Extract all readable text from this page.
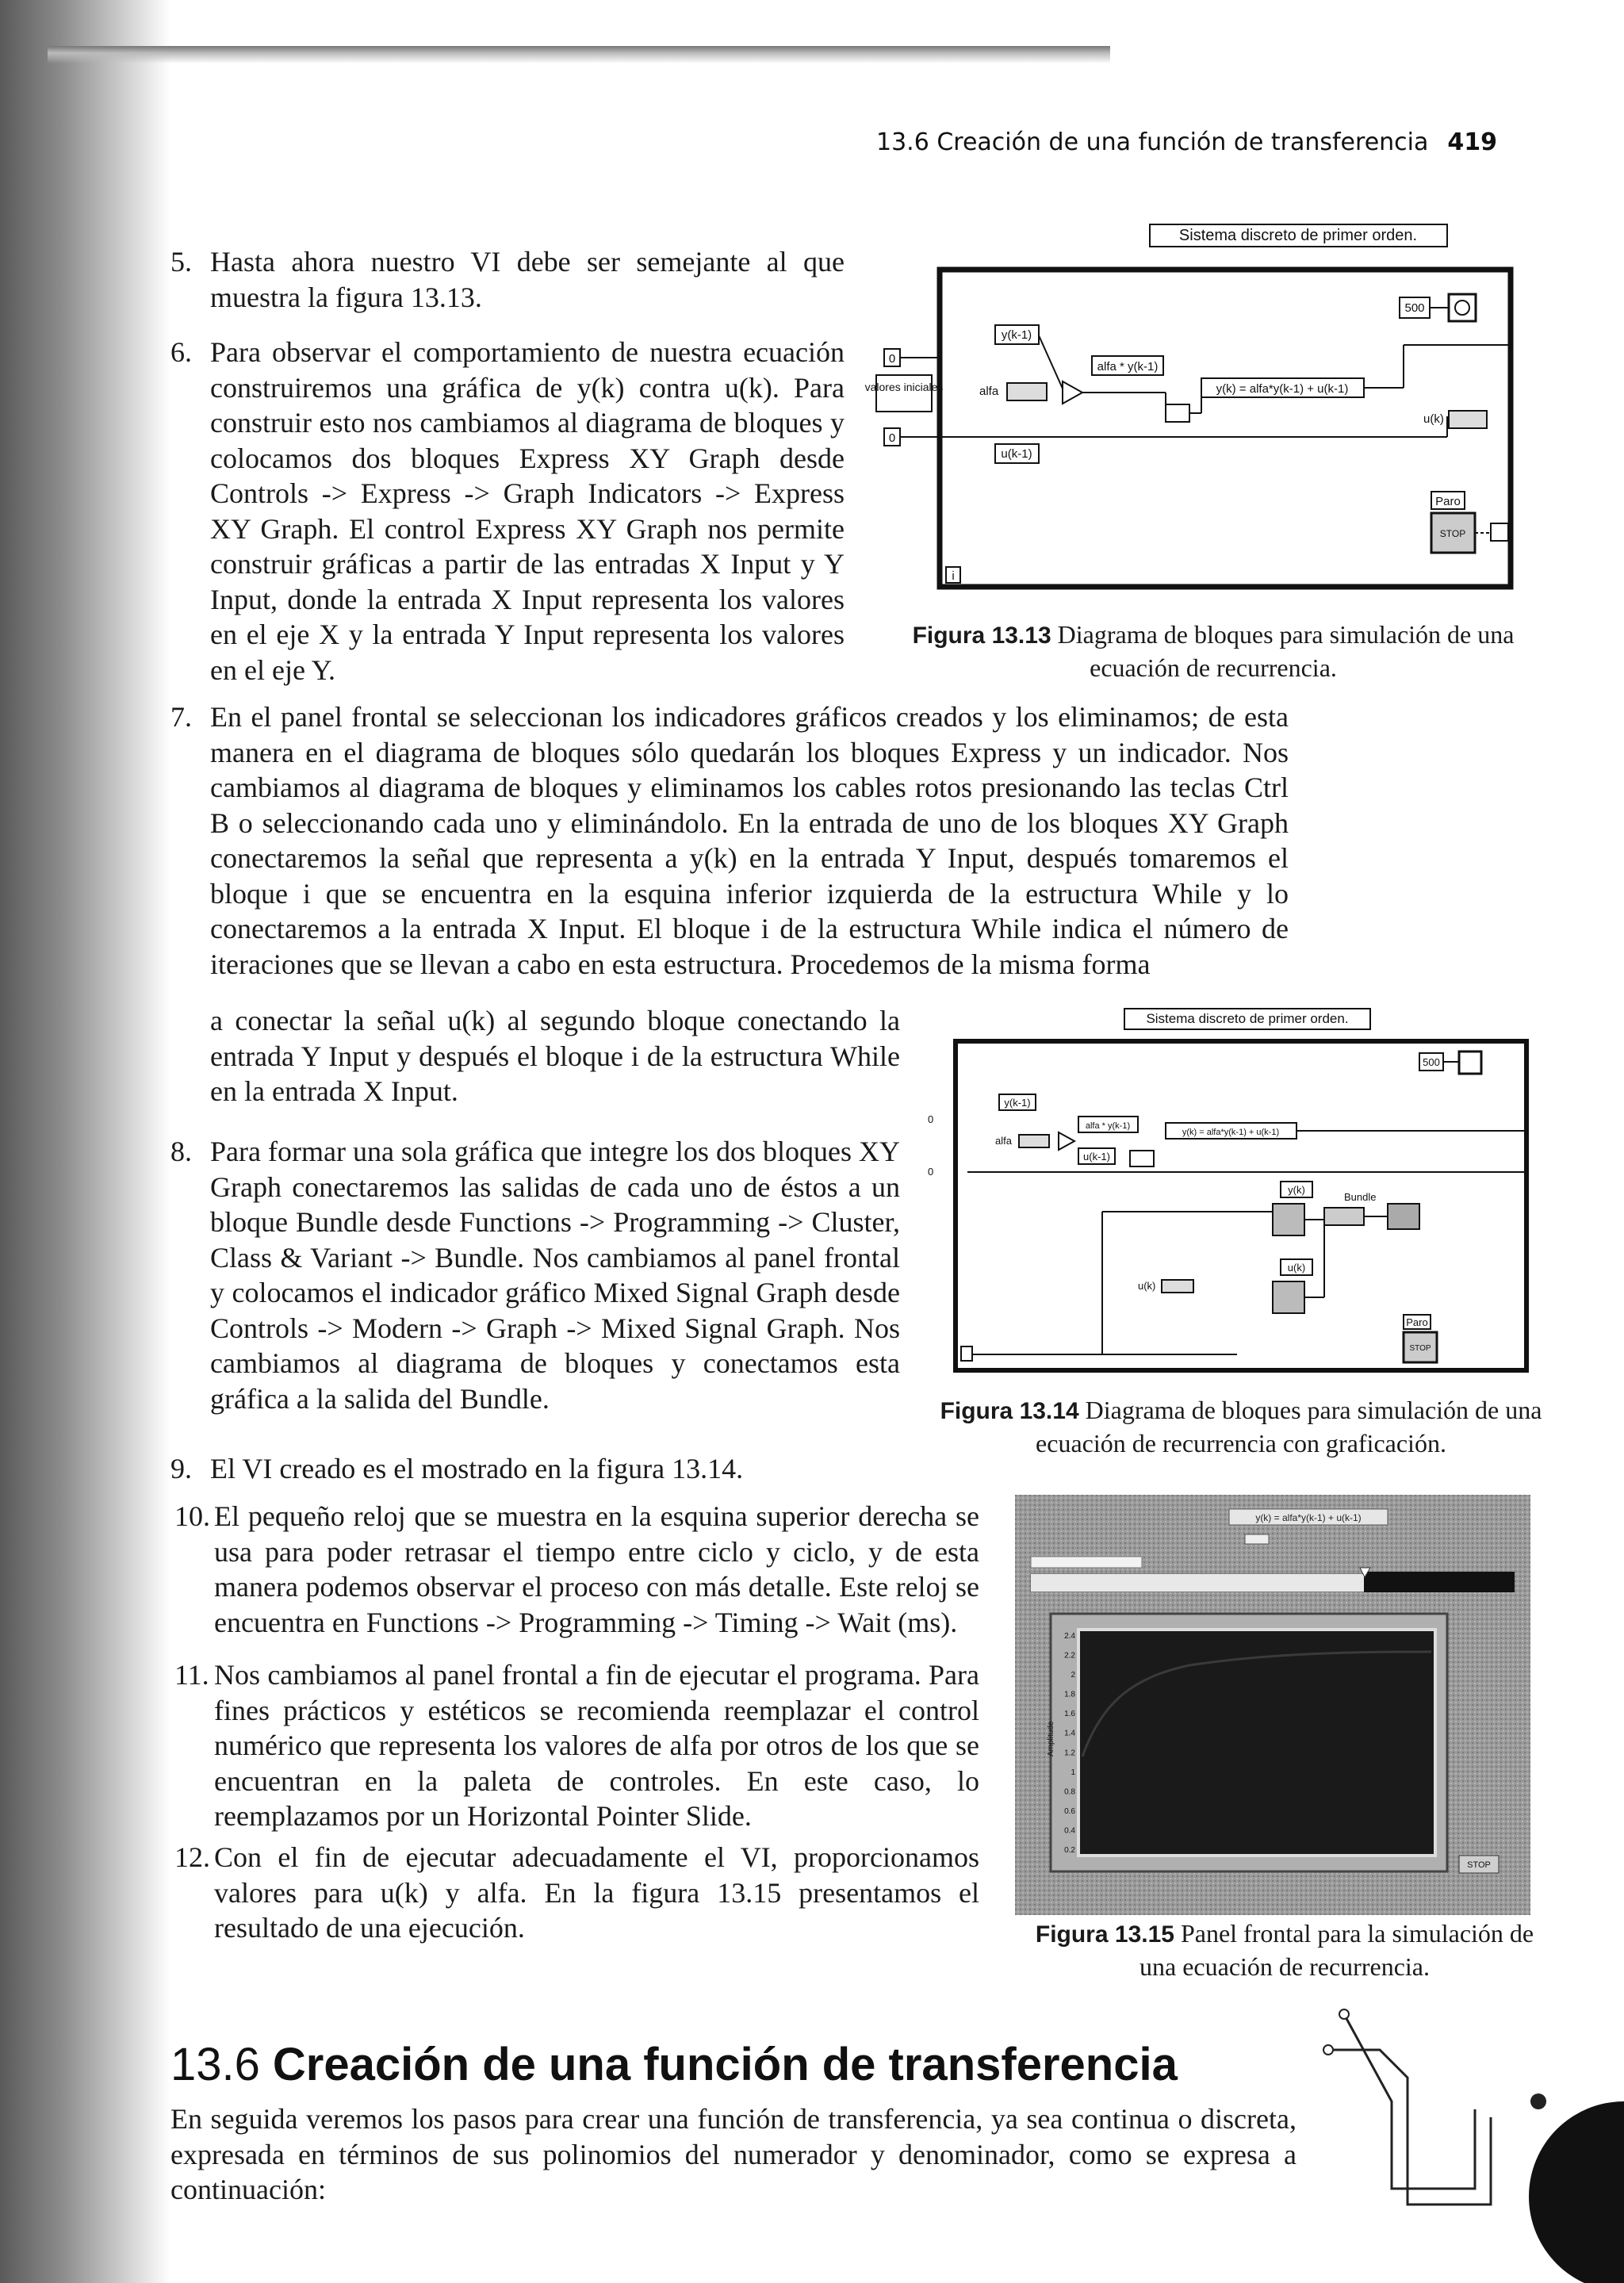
13.6 Creación de una función de transferencia 419
5. Hasta ahora nuestro VI debe ser semejante al que muestra la figura 13.13.
6. Para observar el comportamiento de nuestra ecuación construiremos una gráfica de y(k) contra u(k). Para construir esto nos cambiamos al diagrama de bloques y colocamos dos bloques Express XY Graph desde Controls -> Express -> Graph Indicators -> Express XY Graph. El control Express XY Graph nos permite construir gráficas a partir de las entradas X Input y Y Input, donde la entrada X Input representa los valores en el eje X y la entrada Y Input representa los valores en el eje Y.
7. En el panel frontal se seleccionan los indicadores gráficos creados y los eliminamos; de esta manera en el diagrama de bloques sólo quedarán los bloques Express y un indicador. Nos cambiamos al diagrama de bloques y eliminamos los cables rotos presionando las teclas Ctrl B o seleccionando cada uno y eliminándolo. En la entrada de uno de los bloques XY Graph conectaremos la señal que representa a y(k) en la entrada Y Input, después tomaremos el bloque i que se encuentra en la esquina inferior izquierda de la estructura While y lo conectaremos a la entrada X Input. El bloque i de la estructura While indica el número de iteraciones que se llevan a cabo en esta estructura. Procedemos de la misma forma
a conectar la señal u(k) al segundo bloque conectando la entrada Y Input y después el bloque i de la estructura While en la entrada X Input.
8. Para formar una sola gráfica que integre los dos bloques XY Graph conectaremos las salidas de cada uno de éstos a un bloque Bundle desde Functions -> Programming -> Cluster, Class & Variant -> Bundle. Nos cambiamos al panel frontal y colocamos el indicador gráfico Mixed Signal Graph desde Controls -> Modern -> Graph -> Mixed Signal Graph. Nos cambiamos al diagrama de bloques y conectamos esta gráfica a la salida del Bundle.
9. El VI creado es el mostrado en la figura 13.14.
10. El pequeño reloj que se muestra en la esquina superior derecha se usa para poder retrasar el tiempo entre ciclo y ciclo, y de esta manera podemos observar el proceso con más detalle. Este reloj se encuentra en Functions -> Programming -> Timing -> Wait (ms).
11. Nos cambiamos al panel frontal a fin de ejecutar el programa. Para fines prácticos y estéticos se recomienda reemplazar el control numérico que representa los valores de alfa por otros de los que se encuentran en la paleta de controles. En este caso, lo reemplazamos por un Horizontal Pointer Slide.
12. Con el fin de ejecutar adecuadamente el VI, proporcionamos valores para u(k) y alfa. En la figura 13.15 presentamos el resultado de una ejecución.
Sistema discreto de primer orden.
500
y(k-1)
0
valores iniciales	alfa
alfa * y(k-1)
y(k) = alfa*y(k-1) + u(k-1)
0
u(k-1)
u(k)
Paro
STOP
i
Figura 13.13 Diagrama de bloques para simulación de una ecuación de recurrencia.
Sistema discreto de primer orden.
500
y(k-1)
0
alfa
alfa * y(k-1)
y(k) = alfa*y(k-1) + u(k-1)
u(k-1)
0
y(k)
Bundle
u(k)
u(k)
Paro
STOP
Figura 13.14 Diagrama de bloques para simulación de una ecuación de recurrencia con graficación.
y(k) = alfa*y(k-1) + u(k-1)
2.4
2.2
2
1.8
1.6
1.4
1.2
1
0.8
0.6
0.4
0.2
Amplitude
STOP
Figura 13.15 Panel frontal para la simulación de una ecuación de recurrencia.
13.6 Creación de una función de transferencia
En seguida veremos los pasos para crear una función de transferencia, ya sea continua o discreta, expresada en términos de sus polinomios del numerador y denominador, como se expresa a continuación:
